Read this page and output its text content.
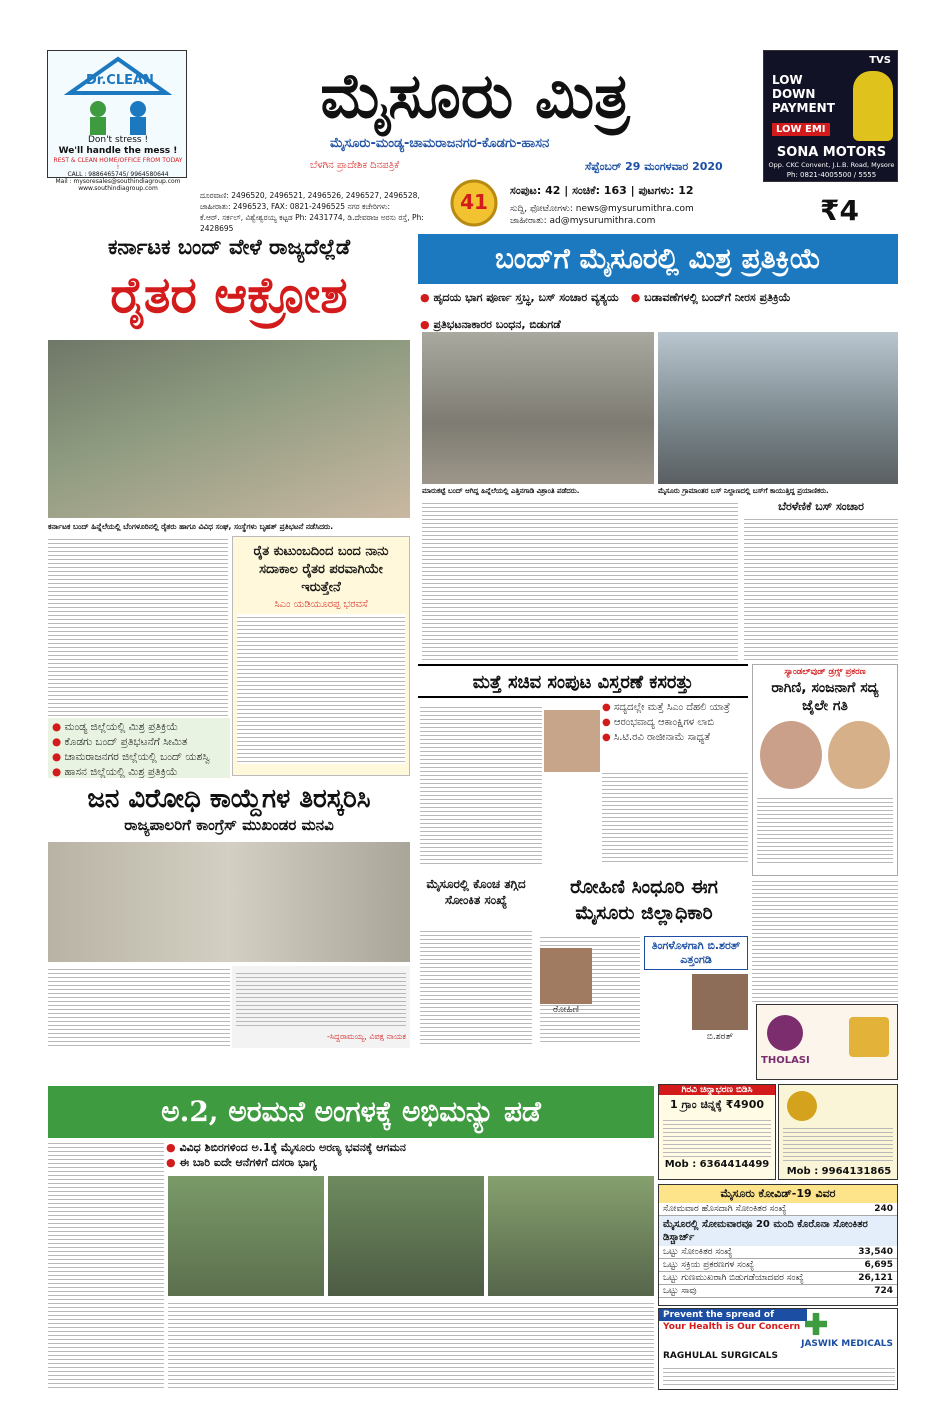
Dr.CLEAN
Don't stress !
We'll handle the mess !
REST & CLEAN HOME/OFFICE FROM TODAY !
CALL : 9886465745/ 9964580644
Mail : mysoresales@southindiagroup.com
www.southindiagroup.com
ಮೈಸೂರು ಮಿತ್ರ
ಮೈಸೂರು-ಮಂಡ್ಯ-ಚಾಮರಾಜನಗರ-ಕೊಡಗು-ಹಾಸನ
ಬೆಳಗಿನ ಪ್ರಾದೇಶಿಕ ದಿನಪತ್ರಿಕೆ	ಸೆಪ್ಟೆಂಬರ್ 29 ಮಂಗಳವಾರ 2020
ದೂರವಾಣಿ: 2496520, 2496521, 2496526, 2496527, 2496528,
ಜಾಹೀರಾತು: 2496523, FAX: 0821-2496525 ನಗರ ಕಚೇರಿಗಳು:
ಕೆ.ಆರ್. ಸರ್ಕಲ್, ವಿಶ್ವೇಶ್ವರಯ್ಯ ಕಟ್ಟಡ Ph: 2431774, ಡಿ.ದೇವರಾಜ ಅರಸು ರಸ್ತೆ, Ph: 2428695
41	ಸಂಪುಟ: 42 | ಸಂಚಿಕೆ: 163 | ಪುಟಗಳು: 12
ಸುದ್ದಿ, ಫೋಟೋಗಳು: news@mysurumithra.com
ಜಾಹೀರಾತು: ad@mysurumithra.com	₹4
TVS
LOW
DOWN
PAYMENT
LOW EMI
SONA MOTORS
Opp. CKC Convent, J.L.B. Road, Mysore
Ph: 0821-4005500 / 5555
ಕರ್ನಾಟಕ ಬಂದ್ ವೇಳೆ ರಾಜ್ಯದೆಲ್ಲೆಡೆ
ರೈತರ ಆಕ್ರೋಶ
ಕರ್ನಾಟಕ ಬಂದ್ ಹಿನ್ನೆಲೆಯಲ್ಲಿ ಬೆಂಗಳೂರಿನಲ್ಲಿ ರೈತರು ಹಾಗೂ ವಿವಿಧ ಸಂಘ, ಸಂಸ್ಥೆಗಳು ಬೃಹತ್ ಪ್ರತಿಭಟನೆ ನಡೆಸಿದರು.
ರೈತ ಕುಟುಂಬದಿಂದ ಬಂದ ನಾನು ಸದಾಕಾಲ ರೈತರ ಪರವಾಗಿಯೇ ಇರುತ್ತೇನೆ
ಸಿಎಂ ಯಡಿಯೂರಪ್ಪ ಭರವಸೆ
● ಮಂಡ್ಯ ಜಿಲ್ಲೆಯಲ್ಲಿ ಮಿಶ್ರ ಪ್ರತಿಕ್ರಿಯೆ
● ಕೊಡಗು ಬಂದ್ ಪ್ರತಿಭಟನೆಗೆ ಸೀಮಿತ
● ಚಾಮರಾಜನಗರ ಜಿಲ್ಲೆಯಲ್ಲಿ ಬಂದ್ ಯಶಸ್ವಿ
● ಹಾಸನ ಜಿಲ್ಲೆಯಲ್ಲಿ ಮಿಶ್ರ ಪ್ರತಿಕ್ರಿಯೆ
ಬಂದ್‌ಗೆ ಮೈಸೂರಲ್ಲಿ ಮಿಶ್ರ ಪ್ರತಿಕ್ರಿಯೆ
● ಹೃದಯ ಭಾಗ ಪೂರ್ಣ ಸ್ತಬ್ಧ, ಬಸ್ ಸಂಚಾರ ವ್ಯತ್ಯಯ
●	ಬಡಾವಣೆಗಳಲ್ಲಿ ಬಂದ್‌ಗೆ ನೀರಸ ಪ್ರತಿಕ್ರಿಯೆ
● ಪ್ರತಿಭಟನಾಕಾರರ ಬಂಧನ, ಬಿಡುಗಡೆ
ಮಾರುಕಟ್ಟೆ ಬಂದ್ ಆಗಿದ್ದ ಹಿನ್ನೆಲೆಯಲ್ಲಿ ಎತ್ತಿನಗಾಡಿ ವಿಶ್ರಾಂತಿ ಪಡೆದರು.	ಮೈಸೂರು ಗ್ರಾಮಾಂತರ ಬಸ್ ನಿಲ್ದಾಣದಲ್ಲಿ ಬಸ್‌ಗೆ ಕಾಯುತ್ತಿದ್ದ ಪ್ರಯಾಣಿಕರು.
ಬೆರಳೆಣಿಕೆ ಬಸ್ ಸಂಚಾರ
ಮತ್ತೆ ಸಚಿವ ಸಂಪುಟ ವಿಸ್ತರಣೆ ಕಸರತ್ತು
● ಸದ್ಯದಲ್ಲೇ ಮತ್ತೆ ಸಿಎಂ ದೆಹಲಿ ಯಾತ್ರೆ
● ಆರಂಭವಾದ್ಯ ಆಕಾಂಕ್ಷಿಗಳ ಲಾಬಿ
● ಸಿ.ಟಿ.ರವಿ ರಾಜೀನಾಮೆ ಸಾಧ್ಯತೆ
ಸ್ಯಾಂಡಲ್‌ವುಡ್ ಡ್ರಗ್ಸ್ ಪ್ರಕರಣ
ರಾಗಿಣಿ, ಸಂಜನಾಗೆ ಸದ್ಯ ಜೈಲೇ ಗತಿ
ಜನ ವಿರೋಧಿ ಕಾಯ್ದೆಗಳ ತಿರಸ್ಕರಿಸಿ
ರಾಜ್ಯಪಾಲರಿಗೆ ಕಾಂಗ್ರೆಸ್ ಮುಖಂಡರ ಮನವಿ
-ಸಿದ್ದರಾಮಯ್ಯ, ವಿಪಕ್ಷ ನಾಯಕ
ಮೈಸೂರಲ್ಲಿ ಕೊಂಚ ತಗ್ಗಿದ ಸೋಂಕಿತ ಸಂಖ್ಯೆ
ರೋಹಿಣಿ ಸಿಂಧೂರಿ ಈಗ ಮೈಸೂರು ಜಿಲ್ಲಾಧಿಕಾರಿ
ತಿಂಗಳೊಳಗಾಗಿ ಬಿ.ಶರತ್ ಎತ್ತಂಗಡಿ
ರೋಹಿಣಿ
ಬಿ.ಶರತ್
THOLASI
ಅ.2, ಅರಮನೆ ಅಂಗಳಕ್ಕೆ ಅಭಿಮನ್ಯು ಪಡೆ
● ವಿವಿಧ ಶಿಬಿರಗಳಿಂದ ಅ.1ಕ್ಕೆ ಮೈಸೂರು ಅರಣ್ಯ ಭವನಕ್ಕೆ ಆಗಮನ
● ಈ ಬಾರಿ ಐದೇ ಆನೆಗಳಿಗೆ ದಸರಾ ಭಾಗ್ಯ
ಗಿರವಿ ಚಿನ್ನಾಭರಣ ಬಿಡಿಸಿ
1 ಗ್ರಾಂ ಚಿನ್ನಕ್ಕೆ ₹4900
Mob : 6364414499
Mob : 9964131865
ಮೈಸೂರು ಕೋವಿಡ್-19 ವಿವರ
ಸೋಮವಾರ ಹೊಸದಾಗಿ ಸೋಂಕಿತರ ಸಂಖ್ಯೆ	240
ಮೈಸೂರಲ್ಲಿ ಸೋಮವಾರವೂ 20 ಮಂದಿ ಕೊರೊನಾ ಸೋಂಕಿತರ ಡಿಸ್ಚಾರ್ಜ್
ಒಟ್ಟು ಸೋಂಕಿತರ ಸಂಖ್ಯೆ	33,540
ಒಟ್ಟು ಸಕ್ರಿಯ ಪ್ರಕರಣಗಳ ಸಂಖ್ಯೆ	6,695
ಒಟ್ಟು ಗುಣಮುಖರಾಗಿ ಬಿಡುಗಡೆಯಾದವರ ಸಂಖ್ಯೆ	26,121
ಒಟ್ಟು ಸಾವು	724
Prevent the spread of
Your Health is Our Concern
RAGHULAL SURGICALS
JASWIK MEDICALS
